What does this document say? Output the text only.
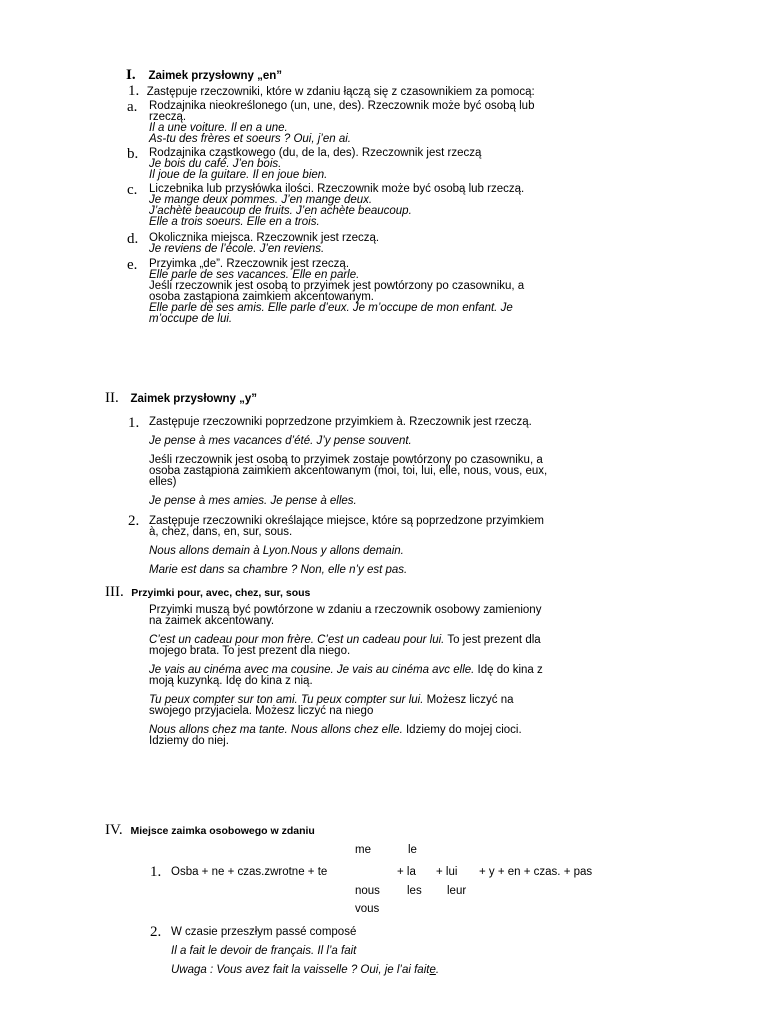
I. Zaimek przysłowny „en”
1. Zastępuje rzeczowniki, które w zdaniu łączą się z czasownikiem za pomocą:
a. Rodzajnika nieokreślonego (un, une, des). Rzeczownik może być osobą lub
rzeczą.
Il a une voiture. Il en a une.
As-tu des frères et soeurs ? Oui, j’en ai.
b. Rodzajnika cząstkowego (du, de la, des). Rzeczownik jest rzeczą
Je bois du café. J’en bois.
Il joue de la guitare. Il en joue bien.
c. Liczebnika lub przysłówka ilości. Rzeczownik może być osobą lub rzeczą.
Je mange deux pommes. J’en mange deux.
J’achète beaucoup de fruits. J’en achète beaucoup.
Elle a trois soeurs. Elle en a trois.
d. Okolicznika miejsca. Rzeczownik jest rzeczą.
Je reviens de l’école. J’en reviens.
e. Przyimka „de”. Rzeczownik jest rzeczą.
Elle parle de ses vacances. Elle en parle.
Jeśli rzeczownik jest osobą to przyimek jest powtórzony po czasowniku, a
osoba zastąpiona zaimkiem akcentowanym.
Elle parle de ses amis. Elle parle d’eux. Je m’occupe de mon enfant. Je
m’occupe de lui.
II. Zaimek przysłowny „y”
1. Zastępuje rzeczowniki poprzedzone przyimkiem à. Rzeczownik jest rzeczą.
Je pense à mes vacances d’été. J’y pense souvent.
Jeśli rzeczownik jest osobą to przyimek zostaje powtórzony po czasowniku, a
osoba zastąpiona zaimkiem akcentowanym (moi, toi, lui, elle, nous, vous, eux,
elles)
Je pense à mes amies. Je pense à elles.
2. Zastępuje rzeczowniki określające miejsce, które są poprzedzone przyimkiem
à, chez, dans, en, sur, sous.
Nous allons demain à Lyon.Nous y allons demain.
Marie est dans sa chambre ? Non, elle n’y est pas.
III. Przyimki pour, avec, chez, sur, sous
Przyimki muszą być powtórzone w zdaniu a rzeczownik osobowy zamieniony
na zaimek akcentowany.
C’est un cadeau pour mon frère. C’est un cadeau pour lui. To jest prezent dla
mojego brata. To jest prezent dla niego.
Je vais au cinéma avec ma cousine. Je vais au cinéma avc elle. Idę do kina z
moją kuzynką. Idę do kina z nią.
Tu peux compter sur ton ami. Tu peux compter sur lui. Możesz liczyć na
swojego przyjaciela. Możesz liczyć na niego
Nous allons chez ma tante. Nous allons chez elle. Idziemy do mojej cioci.
Idziemy do niej.
IV. Miejsce zaimka osobowego w zdaniu
me	le
1. Osba + ne + czas.zwrotne + te	+ la + lui + y + en + czas. + pas
nous les leur
vous
2. W czasie przeszłym passé composé
Il a fait le devoir de français. Il l’a fait
Uwaga : Vous avez fait la vaisselle ? Oui, je l’ai faite.
